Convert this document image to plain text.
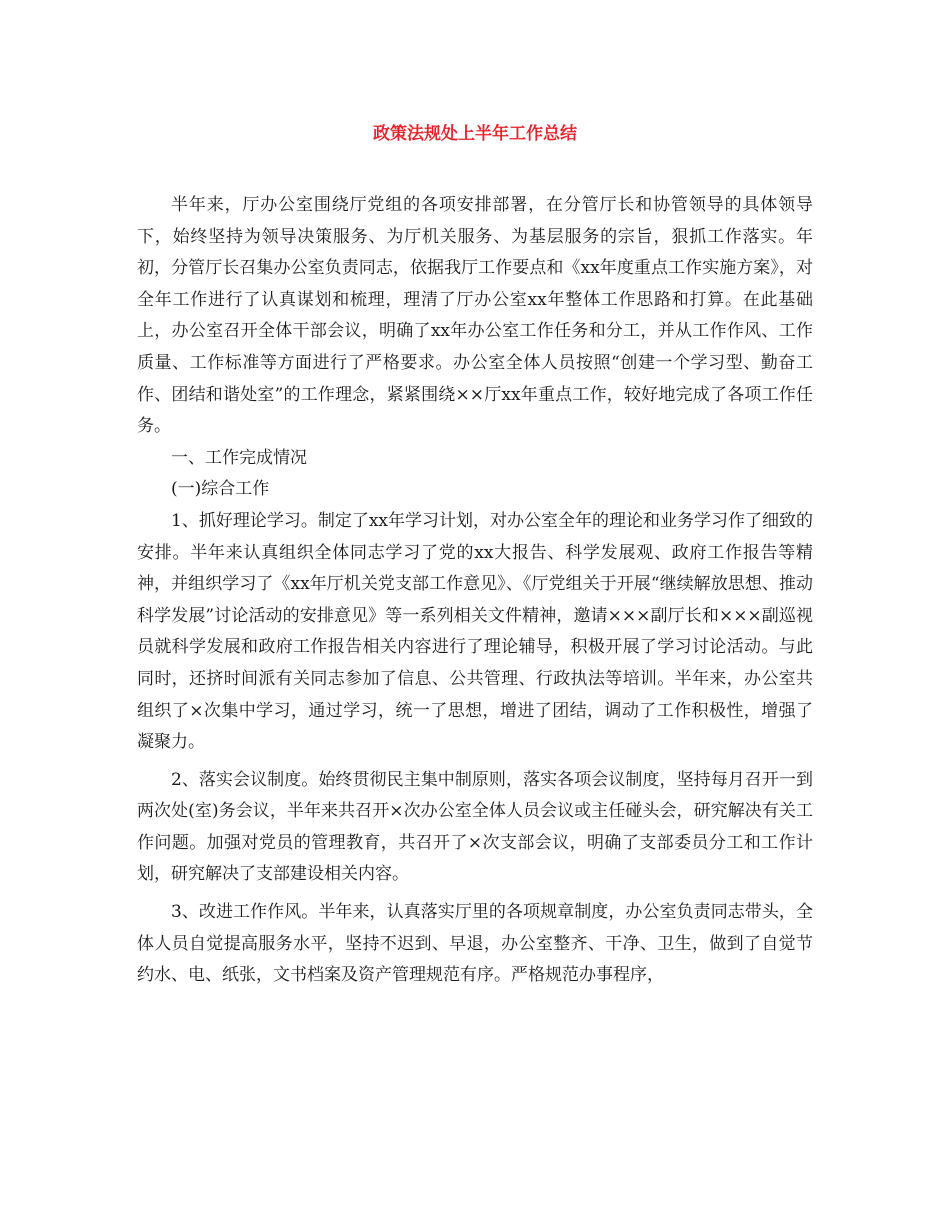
政策法规处上半年工作总结

半年来，厅办公室围绕厅党组的各项安排部署，在分管厅长和协管领导的具体领导下，始终坚持为领导决策服务、为厅机关服务、为基层服务的宗旨，狠抓工作落实。年初，分管厅长召集办公室负责同志，依据我厅工作要点和《xx年度重点工作实施方案》，对全年工作进行了认真谋划和梳理，理清了厅办公室xx年整体工作思路和打算。在此基础上，办公室召开全体干部会议，明确了xx年办公室工作任务和分工，并从工作作风、工作质量、工作标准等方面进行了严格要求。办公室全体人员按照“创建一个学习型、勤奋工作、团结和谐处室”的工作理念，紧紧围绕××厅xx年重点工作，较好地完成了各项工作任务。

一、工作完成情况

(一)综合工作

1、抓好理论学习。制定了xx年学习计划，对办公室全年的理论和业务学习作了细致的安排。半年来认真组织全体同志学习了党的xx大报告、科学发展观、政府工作报告等精神，并组织学习了《xx年厅机关党支部工作意见》、《厅党组关于开展“继续解放思想、推动科学发展”讨论活动的安排意见》等一系列相关文件精神，邀请×××副厅长和×××副巡视员就科学发展和政府工作报告相关内容进行了理论辅导，积极开展了学习讨论活动。与此同时，还挤时间派有关同志参加了信息、公共管理、行政执法等培训。半年来，办公室共组织了×次集中学习，通过学习，统一了思想，增进了团结，调动了工作积极性，增强了凝聚力。

2、落实会议制度。始终贯彻民主集中制原则，落实各项会议制度，坚持每月召开一到两次处(室)务会议，半年来共召开×次办公室全体人员会议或主任碰头会，研究解决有关工作问题。加强对党员的管理教育，共召开了×次支部会议，明确了支部委员分工和工作计划，研究解决了支部建设相关内容。

3、改进工作作风。半年来，认真落实厅里的各项规章制度，办公室负责同志带头，全体人员自觉提高服务水平，坚持不迟到、早退，办公室整齐、干净、卫生，做到了自觉节约水、电、纸张，文书档案及资产管理规范有序。严格规范办事程序，
